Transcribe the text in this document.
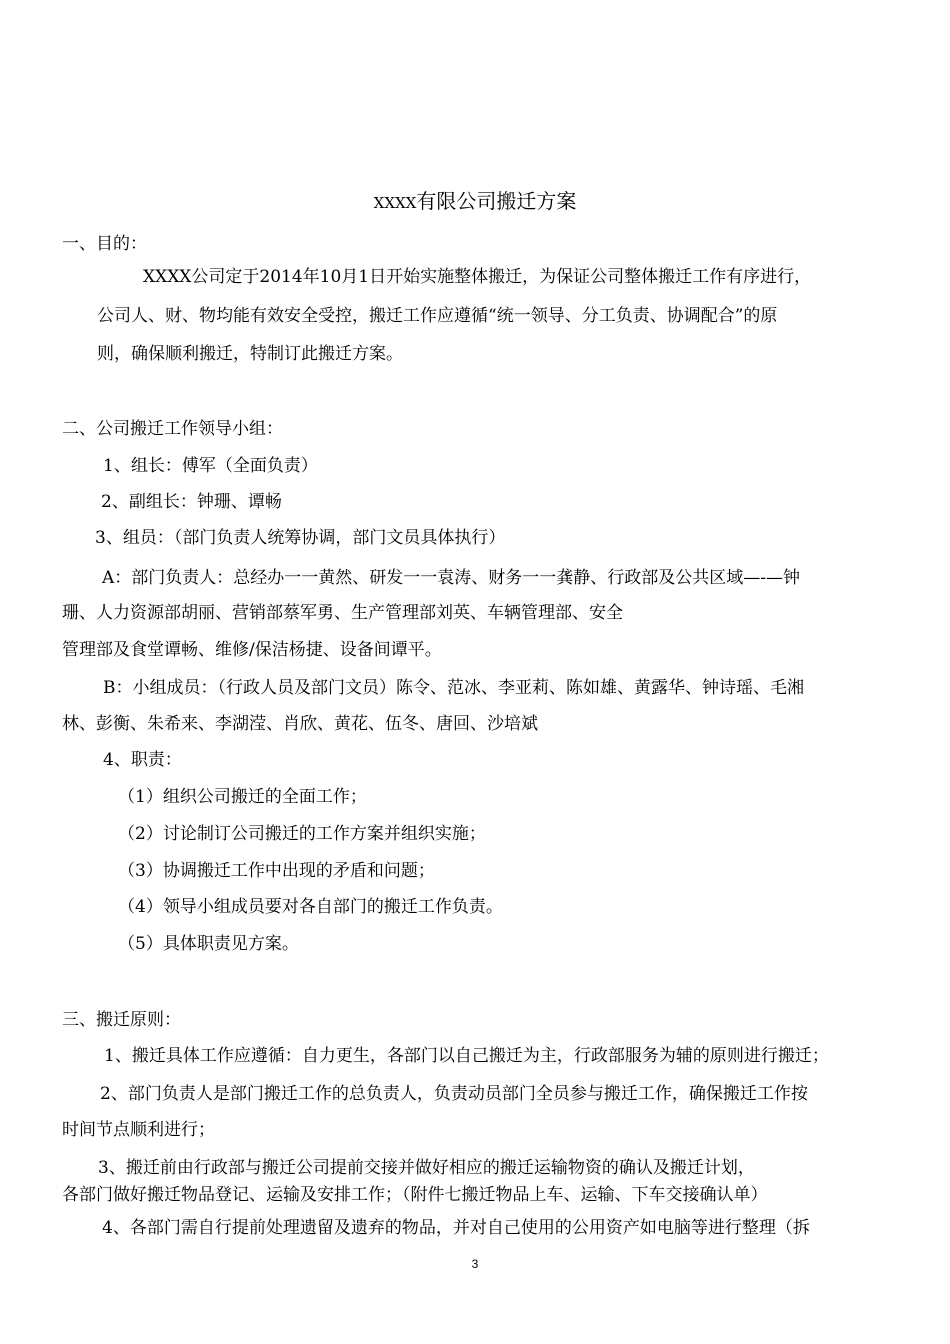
XXXX有限公司搬迁方案
一、目的：
XXXX公司定于2014年10月1日开始实施整体搬迁，为保证公司整体搬迁工作有序进行，
公司人、财、物均能有效安全受控，搬迁工作应遵循“统一领导、分工负责、协调配合”的原
则，确保顺利搬迁，特制订此搬迁方案。
二、公司搬迁工作领导小组：
1、组长：傅军（全面负责）
2、副组长：钟珊、谭畅
3、组员：（部门负责人统筹协调，部门文员具体执行）
A：部门负责人：总经办一一黄然、研发一一袁涛、财务一一龚静、行政部及公共区域—-—钟
珊、人力资源部胡丽、营销部蔡军勇、生产管理部刘英、车辆管理部、安全
管理部及食堂谭畅、维修/保洁杨捷、设备间谭平。
B：小组成员：（行政人员及部门文员）陈令、范冰、李亚莉、陈如雄、黄露华、钟诗瑶、毛湘
林、彭衡、朱希来、李湖滢、肖欣、黄花、伍冬、唐回、沙培斌
4、职责：
（1）组织公司搬迁的全面工作；
（2）讨论制订公司搬迁的工作方案并组织实施；
（3）协调搬迁工作中出现的矛盾和问题；
（4）领导小组成员要对各自部门的搬迁工作负责。
（5）具体职责见方案。
三、搬迁原则：
1、搬迁具体工作应遵循：自力更生，各部门以自己搬迁为主，行政部服务为辅的原则进行搬迁；
2、部门负责人是部门搬迁工作的总负责人，负责动员部门全员参与搬迁工作，确保搬迁工作按
时间节点顺利进行；
3、搬迁前由行政部与搬迁公司提前交接并做好相应的搬迁运输物资的确认及搬迁计划，
各部门做好搬迁物品登记、运输及安排工作；（附件七搬迁物品上车、运输、下车交接确认单）
4、各部门需自行提前处理遗留及遗弃的物品，并对自己使用的公用资产如电脑等进行整理（拆
3
